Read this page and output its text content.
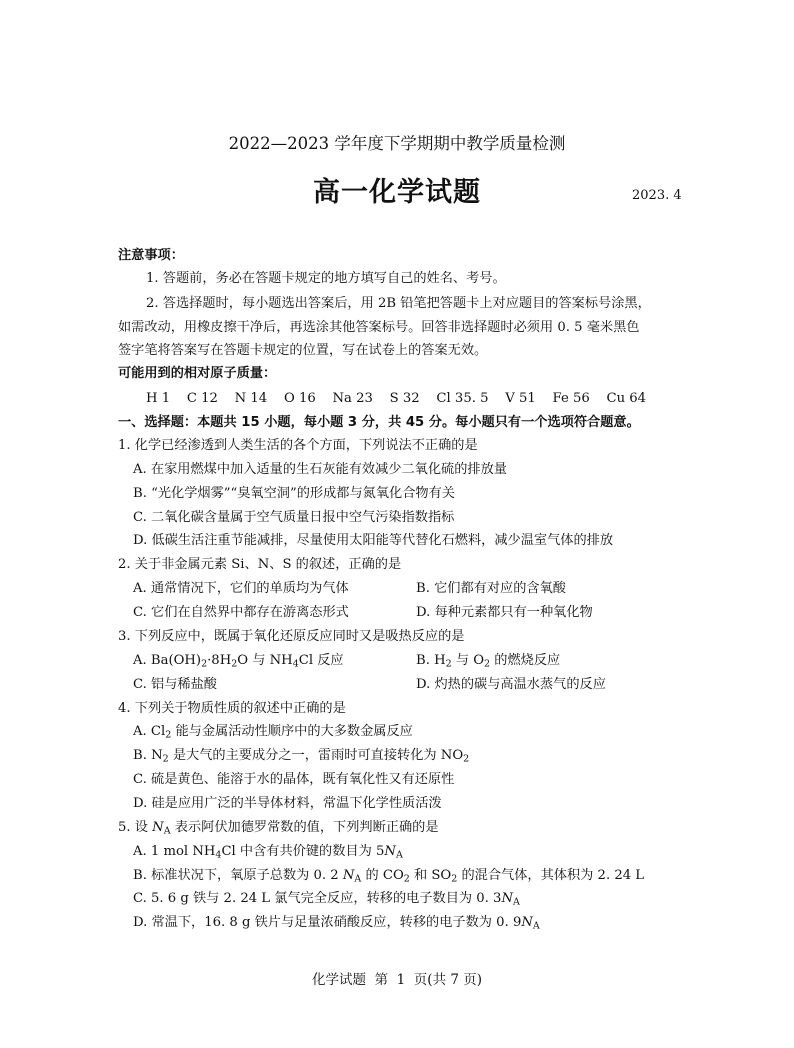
2022—2023 学年度下学期期中教学质量检测
高一化学试题	2023. 4
注意事项：
1. 答题前，务必在答题卡规定的地方填写自己的姓名、考号。
2. 答选择题时，每小题选出答案后，用 2B 铅笔把答题卡上对应题目的答案标号涂黑，
如需改动，用橡皮擦干净后，再选涂其他答案标号。回答非选择题时必须用 0. 5 毫米黑色
签字笔将答案写在答题卡规定的位置，写在试卷上的答案无效。
可能用到的相对原子质量：
H 1    C 12    N 14    O 16    Na 23    S 32    Cl 35. 5    V 51    Fe 56    Cu 64
一、选择题：本题共 15 小题，每小题 3 分，共 45 分。每小题只有一个选项符合题意。
1. 化学已经渗透到人类生活的各个方面，下列说法不正确的是
A. 在家用燃煤中加入适量的生石灰能有效减少二氧化硫的排放量
B. “光化学烟雾”“臭氧空洞”的形成都与氮氧化合物有关
C. 二氧化碳含量属于空气质量日报中空气污染指数指标
D. 低碳生活注重节能减排，尽量使用太阳能等代替化石燃料，减少温室气体的排放
2. 关于非金属元素 Si、N、S 的叙述，正确的是
A. 通常情况下，它们的单质均为气体	B. 它们都有对应的含氧酸
C. 它们在自然界中都存在游离态形式	D. 每种元素都只有一种氧化物
3. 下列反应中，既属于氧化还原反应同时又是吸热反应的是
A. $Ba(OH)_2\cdot 8H_2O$ 与 $NH_4Cl$ 反应	B. $H_2$ 与 $O_2$ 的燃烧反应
C. 铝与稀盐酸	D. 灼热的碳与高温水蒸气的反应
4. 下列关于物质性质的叙述中正确的是
A. $Cl_2$ 能与金属活动性顺序中的大多数金属反应
B. $N_2$ 是大气的主要成分之一，雷雨时可直接转化为 $NO_2$
C. 硫是黄色、能溶于水的晶体，既有氧化性又有还原性
D. 硅是应用广泛的半导体材料，常温下化学性质活泼
5. 设 $N_A$ 表示阿伏加德罗常数的值，下列判断正确的是
A. 1 mol $NH_4Cl$ 中含有共价键的数目为 $5N_A$
B. 标准状况下，氧原子总数为 0. 2 $N_A$ 的 $CO_2$ 和 $SO_2$ 的混合气体，其体积为 2. 24 L
C. 5. 6 g 铁与 2. 24 L 氯气完全反应，转移的电子数目为 0. $3N_A$
D. 常温下，16. 8 g 铁片与足量浓硝酸反应，转移的电子数为 0. $9N_A$
化学试题  第  1  页(共 7 页)
